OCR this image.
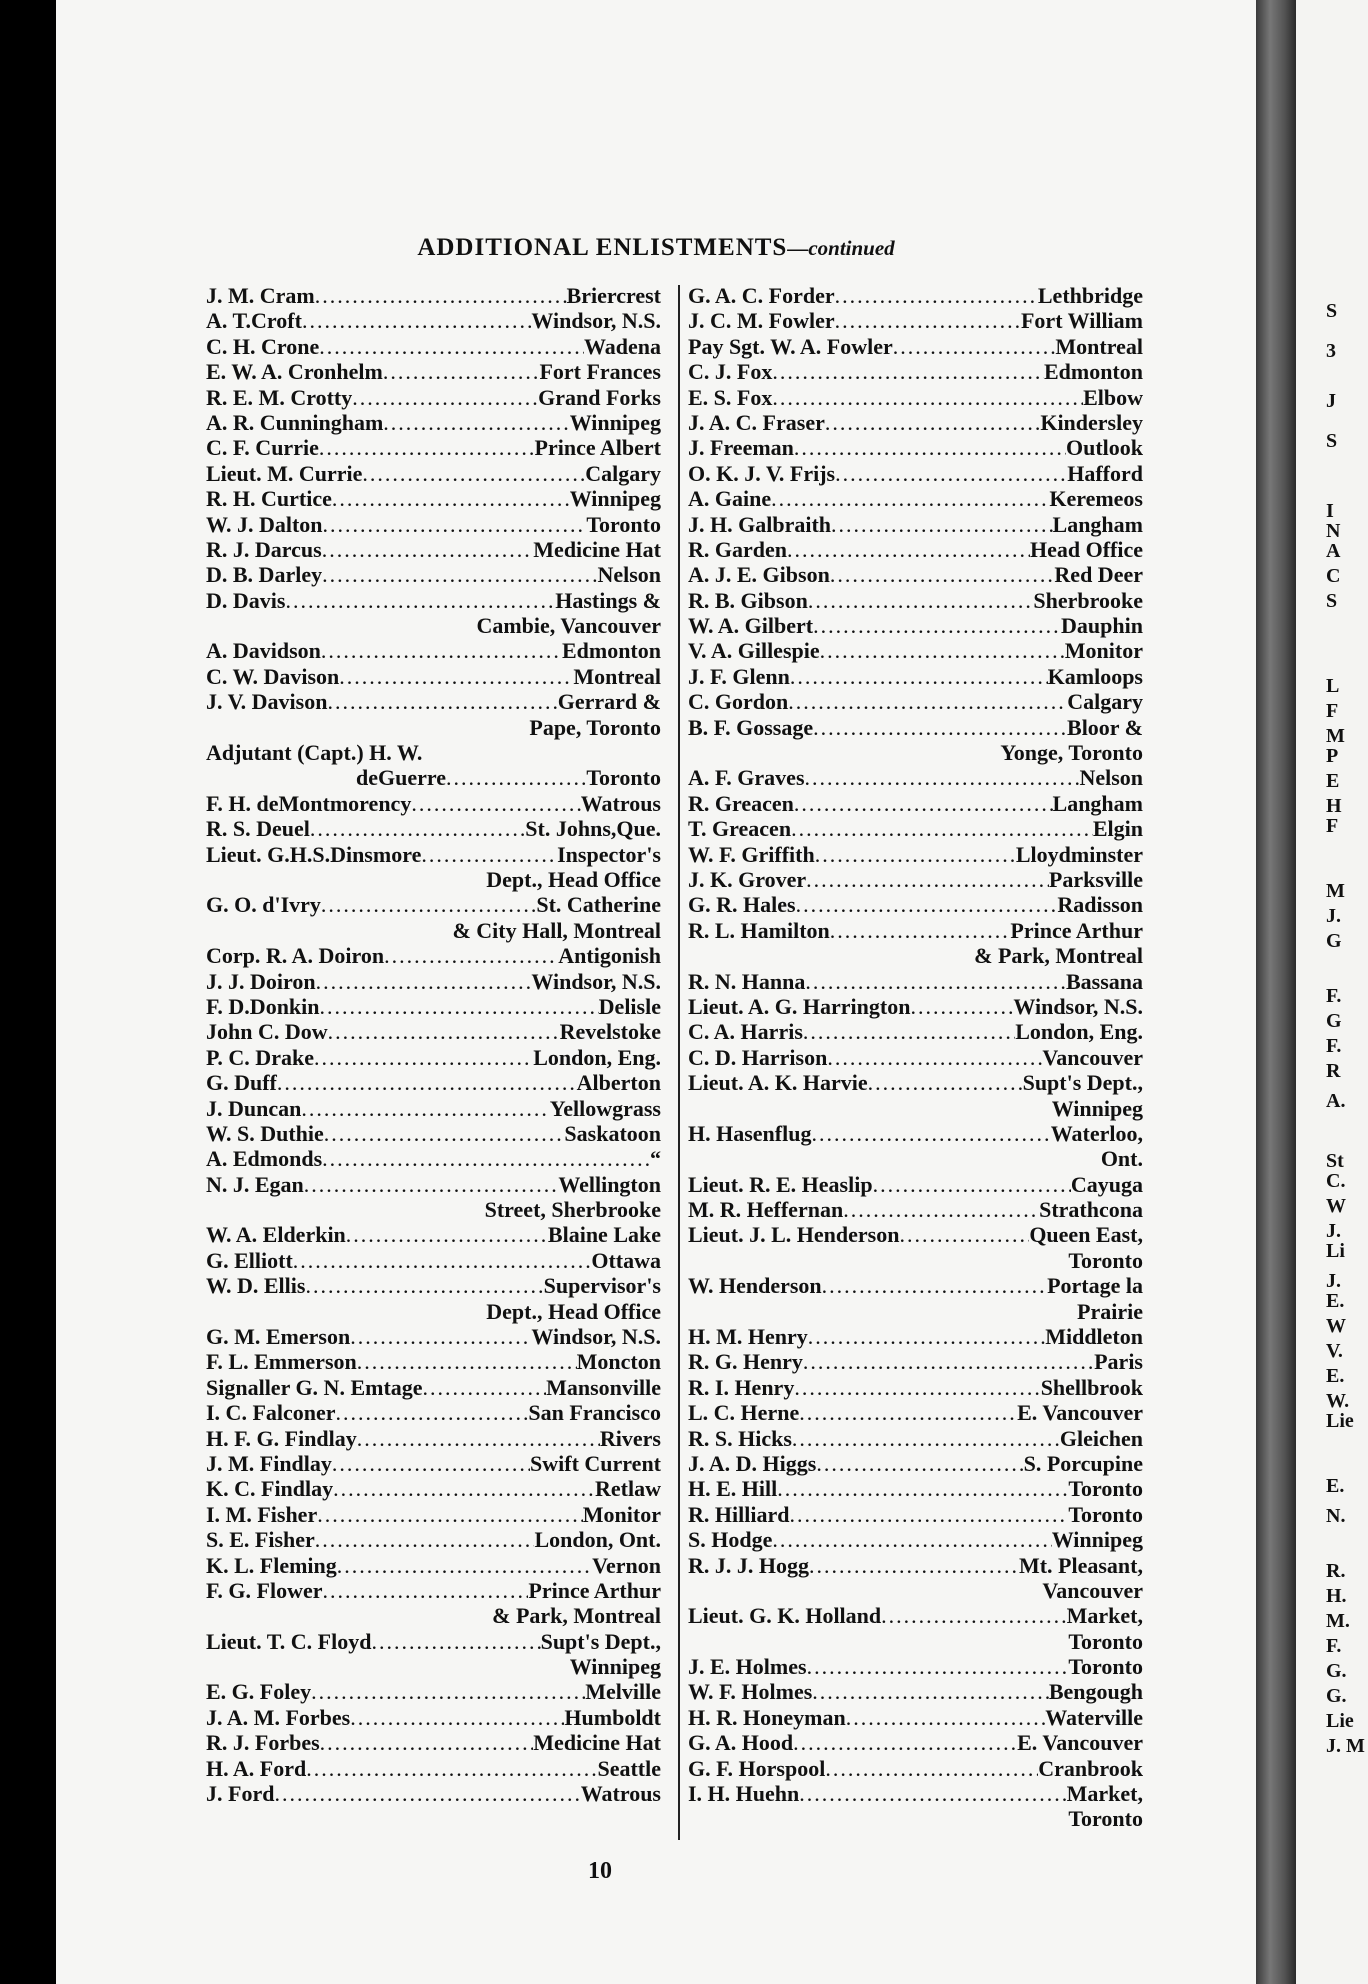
ADDITIONAL ENLISTMENTS—continued
J. M. Cram .....	Briercrest
A. T.Croft .....	Windsor, N.S.
C. H. Crone .....	Wadena
E. W. A. Cronhelm .....	Fort Frances
R. E. M. Crotty .....	Grand Forks
A. R. Cunningham .....	Winnipeg
C. F. Currie .....	Prince Albert
Lieut. M. Currie .....	Calgary
R. H. Curtice .....	Winnipeg
W. J. Dalton .....	Toronto
R. J. Darcus .....	Medicine Hat
D. B. Darley .....	Nelson
D. Davis .....	Hastings &
Cambie, Vancouver
A. Davidson .....	Edmonton
C. W. Davison .....	Montreal
J. V. Davison .....	Gerrard &
Pape, Toronto
Adjutant (Capt.) H. W.
deGuerre .....	Toronto
F. H. deMontmorency .....	Watrous
R. S. Deuel .....	St. Johns,Que.
Lieut. G.H.S.Dinsmore .....	Inspector's
Dept., Head Office
G. O. d'Ivry .....	St. Catherine
& City Hall, Montreal
Corp. R. A. Doiron .....	Antigonish
J. J. Doiron .....	Windsor, N.S.
F. D.Donkin .....	Delisle
John C. Dow .....	Revelstoke
P. C. Drake .....	London, Eng.
G. Duff .....	Alberton
J. Duncan .....	Yellowgrass
W. S. Duthie .....	Saskatoon
A. Edmonds .....	“
N. J. Egan .....	Wellington
Street, Sherbrooke
W. A. Elderkin .....	Blaine Lake
G. Elliott .....	Ottawa
W. D. Ellis .....	Supervisor's
Dept., Head Office
G. M. Emerson .....	Windsor, N.S.
F. L. Emmerson .....	Moncton
Signaller G. N. Emtage .....	Mansonville
I. C. Falconer .....	San Francisco
H. F. G. Findlay .....	Rivers
J. M. Findlay .....	Swift Current
K. C. Findlay .....	Retlaw
I. M. Fisher .....	Monitor
S. E. Fisher .....	London, Ont.
K. L. Fleming .....	Vernon
F. G. Flower .....	Prince Arthur
& Park, Montreal
Lieut. T. C. Floyd .....	Supt's Dept.,
Winnipeg
E. G. Foley .....	Melville
J. A. M. Forbes .....	Humboldt
R. J. Forbes .....	Medicine Hat
H. A. Ford .....	Seattle
J. Ford .....	Watrous
G. A. C. Forder .....	Lethbridge
J. C. M. Fowler .....	Fort William
Pay Sgt. W. A. Fowler .....	Montreal
C. J. Fox .....	Edmonton
E. S. Fox .....	Elbow
J. A. C. Fraser .....	Kindersley
J. Freeman .....	Outlook
O. K. J. V. Frijs .....	Hafford
A. Gaine .....	Keremeos
J. H. Galbraith .....	Langham
R. Garden .....	Head Office
A. J. E. Gibson .....	Red Deer
R. B. Gibson .....	Sherbrooke
W. A. Gilbert .....	Dauphin
V. A. Gillespie .....	Monitor
J. F. Glenn .....	Kamloops
C. Gordon .....	Calgary
B. F. Gossage .....	Bloor &
Yonge, Toronto
A. F. Graves .....	Nelson
R. Greacen .....	Langham
T. Greacen .....	Elgin
W. F. Griffith .....	Lloydminster
J. K. Grover .....	Parksville
G. R. Hales .....	Radisson
R. L. Hamilton .....	Prince Arthur
& Park, Montreal
R. N. Hanna .....	Bassana
Lieut. A. G. Harrington .....	Windsor, N.S.
C. A. Harris .....	London, Eng.
C. D. Harrison .....	Vancouver
Lieut. A. K. Harvie .....	Supt's Dept.,
Winnipeg
H. Hasenflug .....	Waterloo,
Ont.
Lieut. R. E. Heaslip .....	Cayuga
M. R. Heffernan .....	Strathcona
Lieut. J. L. Henderson .....	Queen East,
Toronto
W. Henderson .....	Portage la
Prairie
H. M. Henry .....	Middleton
R. G. Henry .....	Paris
R. I. Henry .....	Shellbrook
L. C. Herne .....	E. Vancouver
R. S. Hicks .....	Gleichen
J. A. D. Higgs .....	S. Porcupine
H. E. Hill .....	Toronto
R. Hilliard .....	Toronto
S. Hodge .....	Winnipeg
R. J. J. Hogg .....	Mt. Pleasant,
Vancouver
Lieut. G. K. Holland .....	Market,
Toronto
J. E. Holmes .....	Toronto
W. F. Holmes .....	Bengough
H. R. Honeyman .....	Waterville
G. A. Hood .....	E. Vancouver
G. F. Horspool .....	Cranbrook
I. H. Huehn .....	Market,
Toronto
10
S
3
J
S
I
N
A
C
S
L
F
M
P
E
H
F
M
J.
G
F.
G
F.
R
A.
St
C.
W
J.
Li
J.
E.
W
V.
E.
W.
Lie
E.
N.
R.
H.
M.
F.
G.
G.
Lie
J. M
